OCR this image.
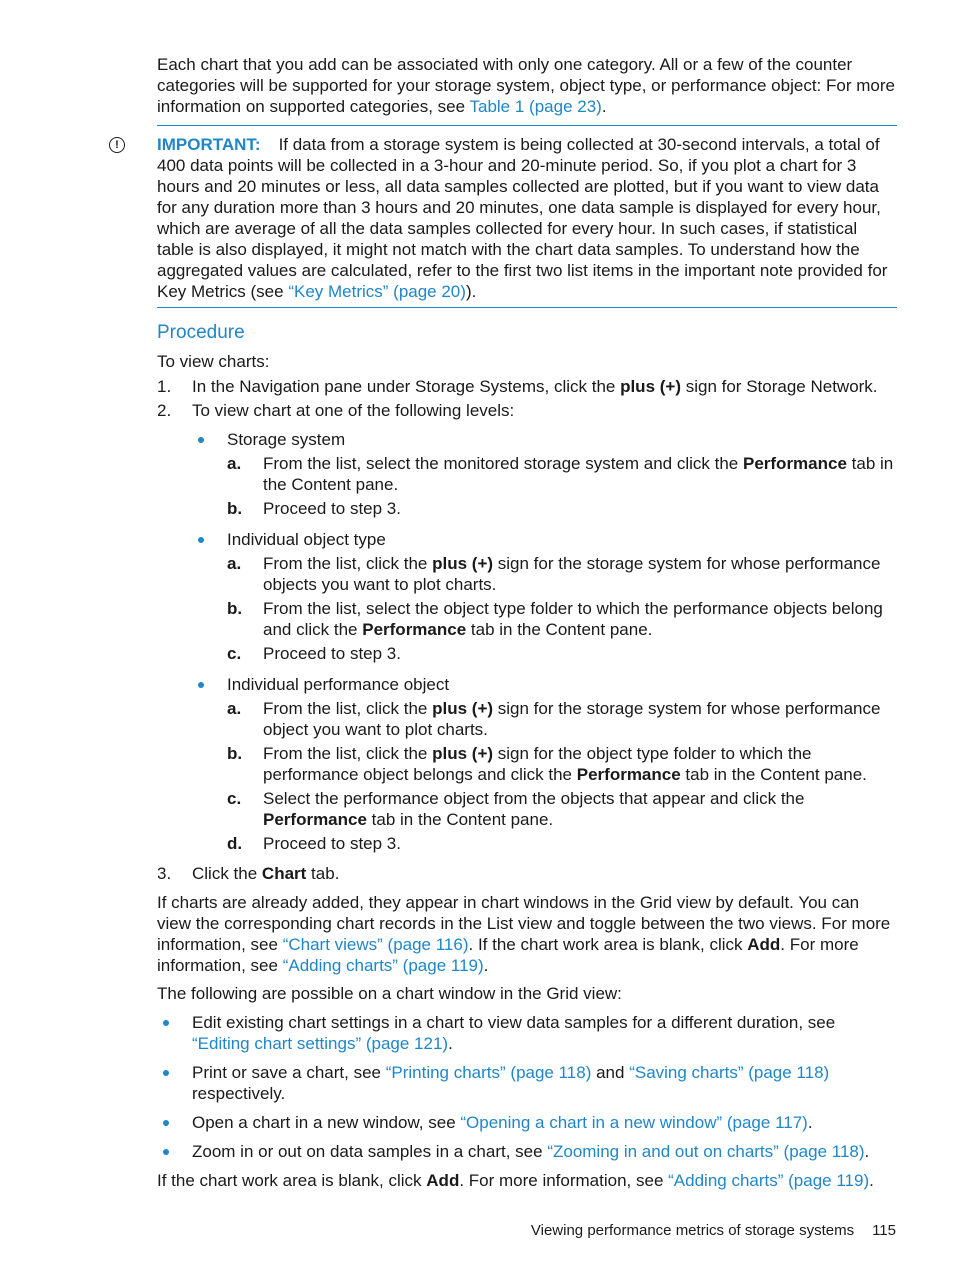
Each chart that you add can be associated with only one category. All or a few of the counter categories will be supported for your storage system, object type, or performance object: For more information on supported categories, see Table 1 (page 23).

!	IMPORTANT: If data from a storage system is being collected at 30-second intervals, a total of 400 data points will be collected in a 3-hour and 20-minute period. So, if you plot a chart for 3 hours and 20 minutes or less, all data samples collected are plotted, but if you want to view data for any duration more than 3 hours and 20 minutes, one data sample is displayed for every hour, which are average of all the data samples collected for every hour. In such cases, if statistical table is also displayed, it might not match with the chart data samples. To understand how the aggregated values are calculated, refer to the first two list items in the important note provided for Key Metrics (see “Key Metrics” (page 20)).
Procedure

To view charts:

1. In the Navigation pane under Storage Systems, click the plus (+) sign for Storage Network.
2. To view chart at one of the following levels:
Storage system
a. From the list, select the monitored storage system and click the Performance tab in the Content pane.
b. Proceed to step 3.
Individual object type
a. From the list, click the plus (+) sign for the storage system for whose performance objects you want to plot charts.
b. From the list, select the object type folder to which the performance objects belong and click the Performance tab in the Content pane.
c. Proceed to step 3.
Individual performance object
a. From the list, click the plus (+) sign for the storage system for whose performance object you want to plot charts.
b. From the list, click the plus (+) sign for the object type folder to which the performance object belongs and click the Performance tab in the Content pane.
c. Select the performance object from the objects that appear and click the Performance tab in the Content pane.
d. Proceed to step 3.
3. Click the Chart tab.

If charts are already added, they appear in chart windows in the Grid view by default. You can view the corresponding chart records in the List view and toggle between the two views. For more information, see “Chart views” (page 116). If the chart work area is blank, click Add. For more information, see “Adding charts” (page 119).

The following are possible on a chart window in the Grid view:

Edit existing chart settings in a chart to view data samples for a different duration, see “Editing chart settings” (page 121).
Print or save a chart, see “Printing charts” (page 118) and “Saving charts” (page 118) respectively.
Open a chart in a new window, see “Opening a chart in a new window” (page 117).
Zoom in or out on data samples in a chart, see “Zooming in and out on charts” (page 118).

If the chart work area is blank, click Add. For more information, see “Adding charts” (page 119).

Viewing performance metrics of storage systems 115
